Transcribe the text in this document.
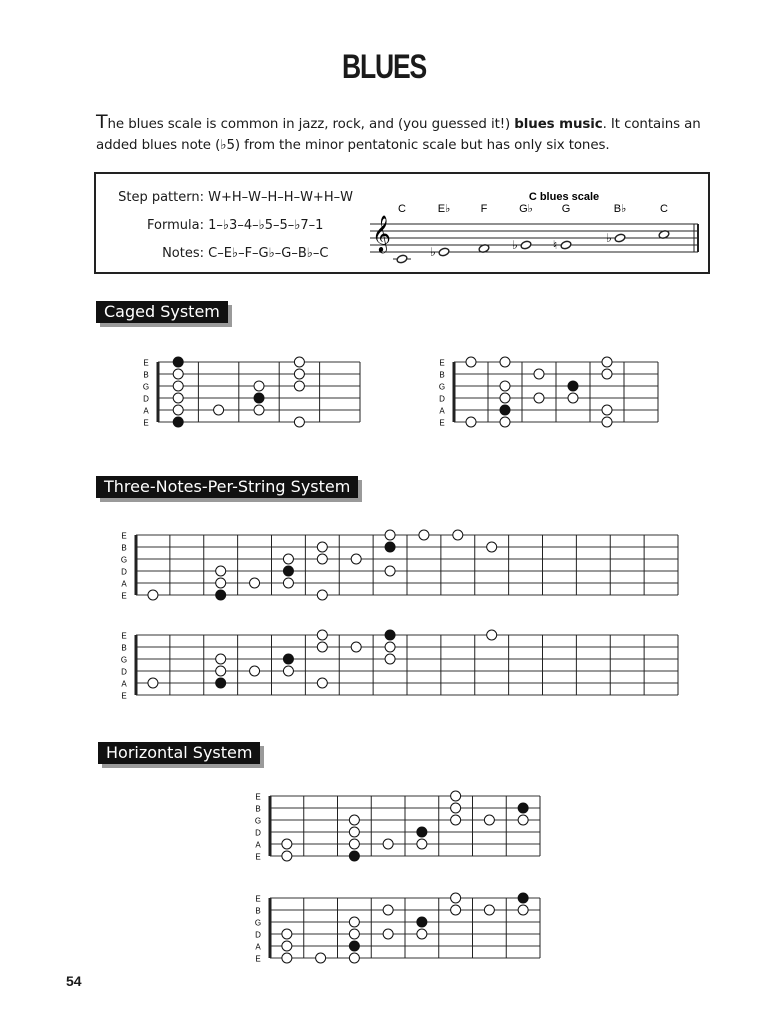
BLUES

The blues scale is common in jazz, rock, and (you guessed it!) blues music. It contains an added blues note (♭5) from the minor pentatonic scale but has only six tones.

Step pattern: W+H–W–H–H–W+H–W
Formula: 1–♭3–4–♭5–5–♭7–1
Notes: C–E♭–F–G♭–G–B♭–C
C blues scale
𝄞
C	E♭
♭
F	G♭
♭
G
♮
B♭
♭
C
Caged System
Three-Notes-Per-String System
Horizontal System
E
B
G
D
A
E
E
B
G
D
A
E
E
B
G
D
A
E
E
B
G
D
A
E
E
B
G
D
A
E
E
B
G
D
A
E
54
